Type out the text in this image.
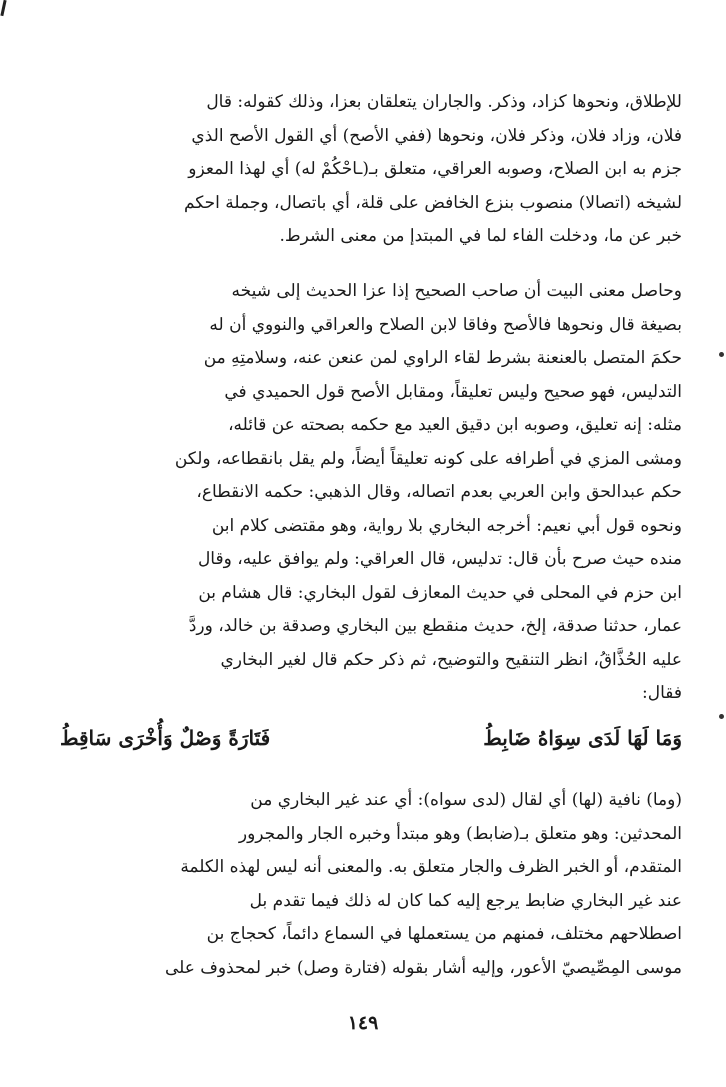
للإطلاق، ونحوها كزاد، وذكر. والجاران يتعلقان بعزا، وذلك كقوله: قال
فلان، وزاد فلان، وذكر فلان، ونحوها (ففي الأصح) أي القول الأصح الذي
جزم به ابن الصلاح، وصوبه العراقي، متعلق بـ(ـاحْكُمْ له) أي لهذا المعزو
لشيخه (اتصالا) منصوب بنزع الخافض على قلة، أي باتصال، وجملة احكم
خبر عن ما، ودخلت الفاء لما في المبتدإ من معنى الشرط.
وحاصل معنى البيت أن صاحب الصحيح إذا عزا الحديث إلى شيخه
بصيغة قال ونحوها فالأصح وفاقا لابن الصلاح والعراقي والنووي أن له
حكمَ المتصل بالعنعنة بشرط لقاء الراوي لمن عنعن عنه، وسلامتِهِ من
التدليس، فهو صحيح وليس تعليقاً، ومقابل الأصح قول الحميدي في
مثله: إنه تعليق، وصوبه ابن دقيق العيد مع حكمه بصحته عن قائله،
ومشى المزي في أطرافه على كونه تعليقاً أيضاً، ولم يقل بانقطاعه، ولكن
حكم عبدالحق وابن العربي بعدم اتصاله، وقال الذهبي: حكمه الانقطاع،
ونحوه قول أبي نعيم: أخرجه البخاري بلا رواية، وهو مقتضى كلام ابن
منده حيث صرح بأن قال: تدليس، قال العراقي: ولم يوافق عليه، وقال
ابن حزم في المحلى في حديث المعازف لقول البخاري: قال هشام بن
عمار، حدثنا صدقة، إلخ، حديث منقطع بين البخاري وصدقة بن خالد، وردَّ
عليه الحُذَّاقُ، انظر التنقيح والتوضيح، ثم ذكر حكم قال لغير البخاري
فقال:
وَمَا لَهَا لَدَى سِوَاهُ ضَابِطُ
فَتَارَةً وَصْلٌ وَأُخْرَى سَاقِطُ
(وما) نافية (لها) أي لقال (لدى سواه): أي عند غير البخاري من
المحدثين: وهو متعلق بـ(ضابط) وهو مبتدأ وخبره الجار والمجرور
المتقدم، أو الخبر الظرف والجار متعلق به. والمعنى أنه ليس لهذه الكلمة
عند غير البخاري ضابط يرجع إليه كما كان له ذلك فيما تقدم بل
اصطلاحهم مختلف، فمنهم من يستعملها في السماع دائماً، كحجاج بن
موسى المِصِّيصيّ الأعور، وإليه أشار بقوله (فتارة وصل) خبر لمحذوف على
١٤٩
